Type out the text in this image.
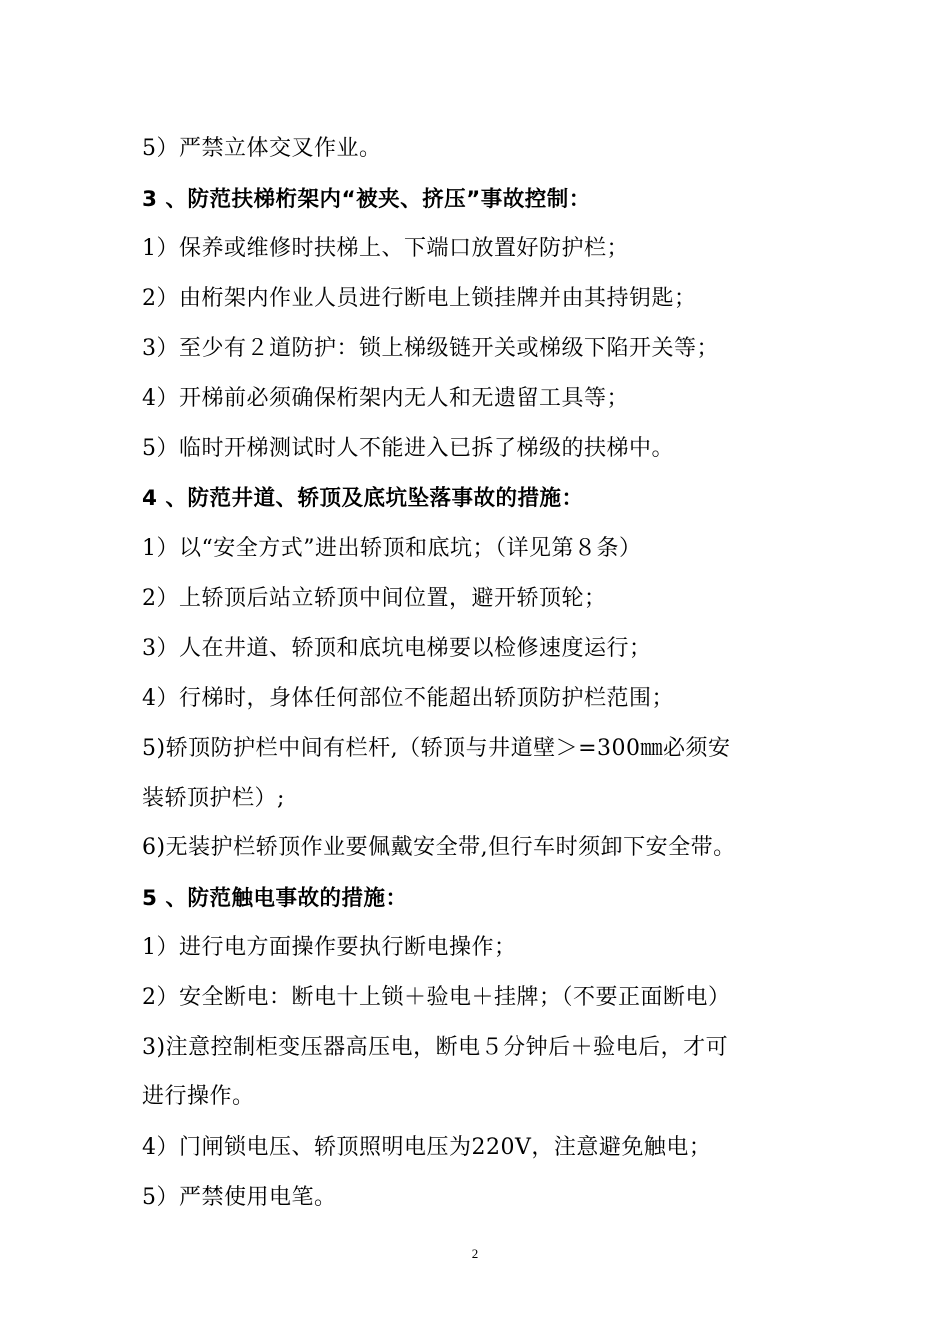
5）严禁立体交叉作业。
3 、防范扶梯桁架内“被夹、挤压”事故控制：
1）保养或维修时扶梯上、下端口放置好防护栏；
2）由桁架内作业人员进行断电上锁挂牌并由其持钥匙；
3）至少有２道防护：锁上梯级链开关或梯级下陷开关等；
4）开梯前必须确保桁架内无人和无遗留工具等；
5）临时开梯测试时人不能进入已拆了梯级的扶梯中。
4 、防范井道、轿顶及底坑坠落事故的措施：
1）以“安全方式”进出轿顶和底坑；（详见第８条）
2）上轿顶后站立轿顶中间位置，避开轿顶轮；
3）人在井道、轿顶和底坑电梯要以检修速度运行；
4）行梯时，身体任何部位不能超出轿顶防护栏范围；
5)轿顶防护栏中间有栏杆,（轿顶与井道壁＞=300㎜必须安
装轿顶护栏）;
6)无装护栏轿顶作业要佩戴安全带,但行车时须卸下安全带。
5 、防范触电事故的措施：
1）进行电方面操作要执行断电操作；
2）安全断电：断电十上锁＋验电＋挂牌；（不要正面断电）
3)注意控制柜变压器高压电，断电５分钟后＋验电后，才可
进行操作。
4）门闸锁电压、轿顶照明电压为220V，注意避免触电；
5）严禁使用电笔。
2
